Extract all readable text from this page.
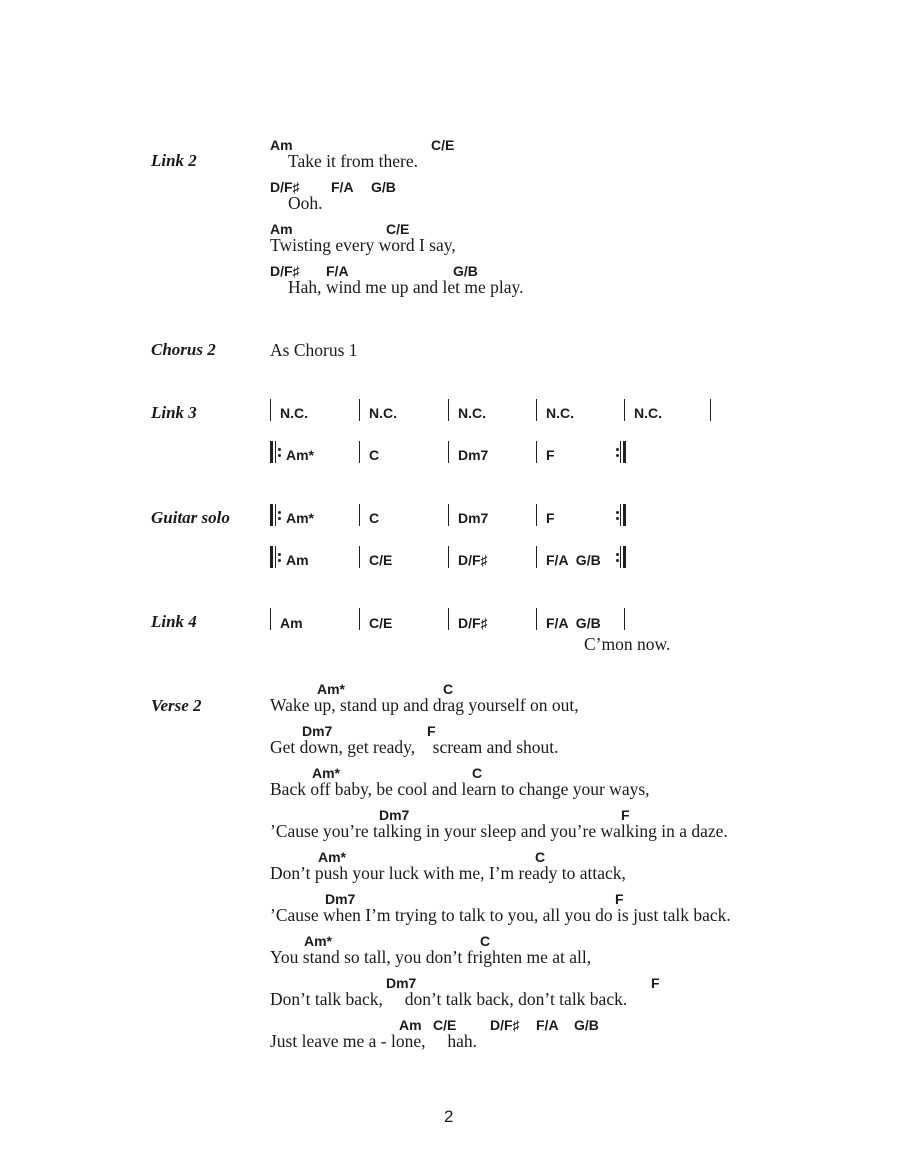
Link 2
Am	C/E
Take it from there.
D/F♯ F/A G/B
Ooh.
Am	C/E
Twisting every word I say,
D/F♯ F/A	G/B
Hah, wind me up and let me play.
Chorus 2	As Chorus 1
Link 3	N.C.	N.C.	N.C.	N.C.	N.C.
Am*	C	Dm7	F
Guitar solo	Am*	C	Dm7	F
Am	C/E	D/F♯	F/A  G/B
Link 4	Am	C/E	D/F♯	F/A  G/B
C’mon now.
Verse 2
Am*	C
Wake up, stand up and drag yourself on out,
Dm7	F
Get down, get ready,    scream and shout.
Am*	C
Back off baby, be cool and learn to change your ways,
Dm7	F
’Cause you’re talking in your sleep and you’re walking in a daze.
Am*	C
Don’t push your luck with me, I’m ready to attack,
Dm7	F
’Cause when I’m trying to talk to you, all you do is just talk back.
Am*	C
You stand so tall, you don’t frighten me at all,
Dm7	F
Don’t talk back,     don’t talk back, don’t talk back.
Am C/E D/F♯ F/A G/B
Just leave me a - lone,     hah.
2
